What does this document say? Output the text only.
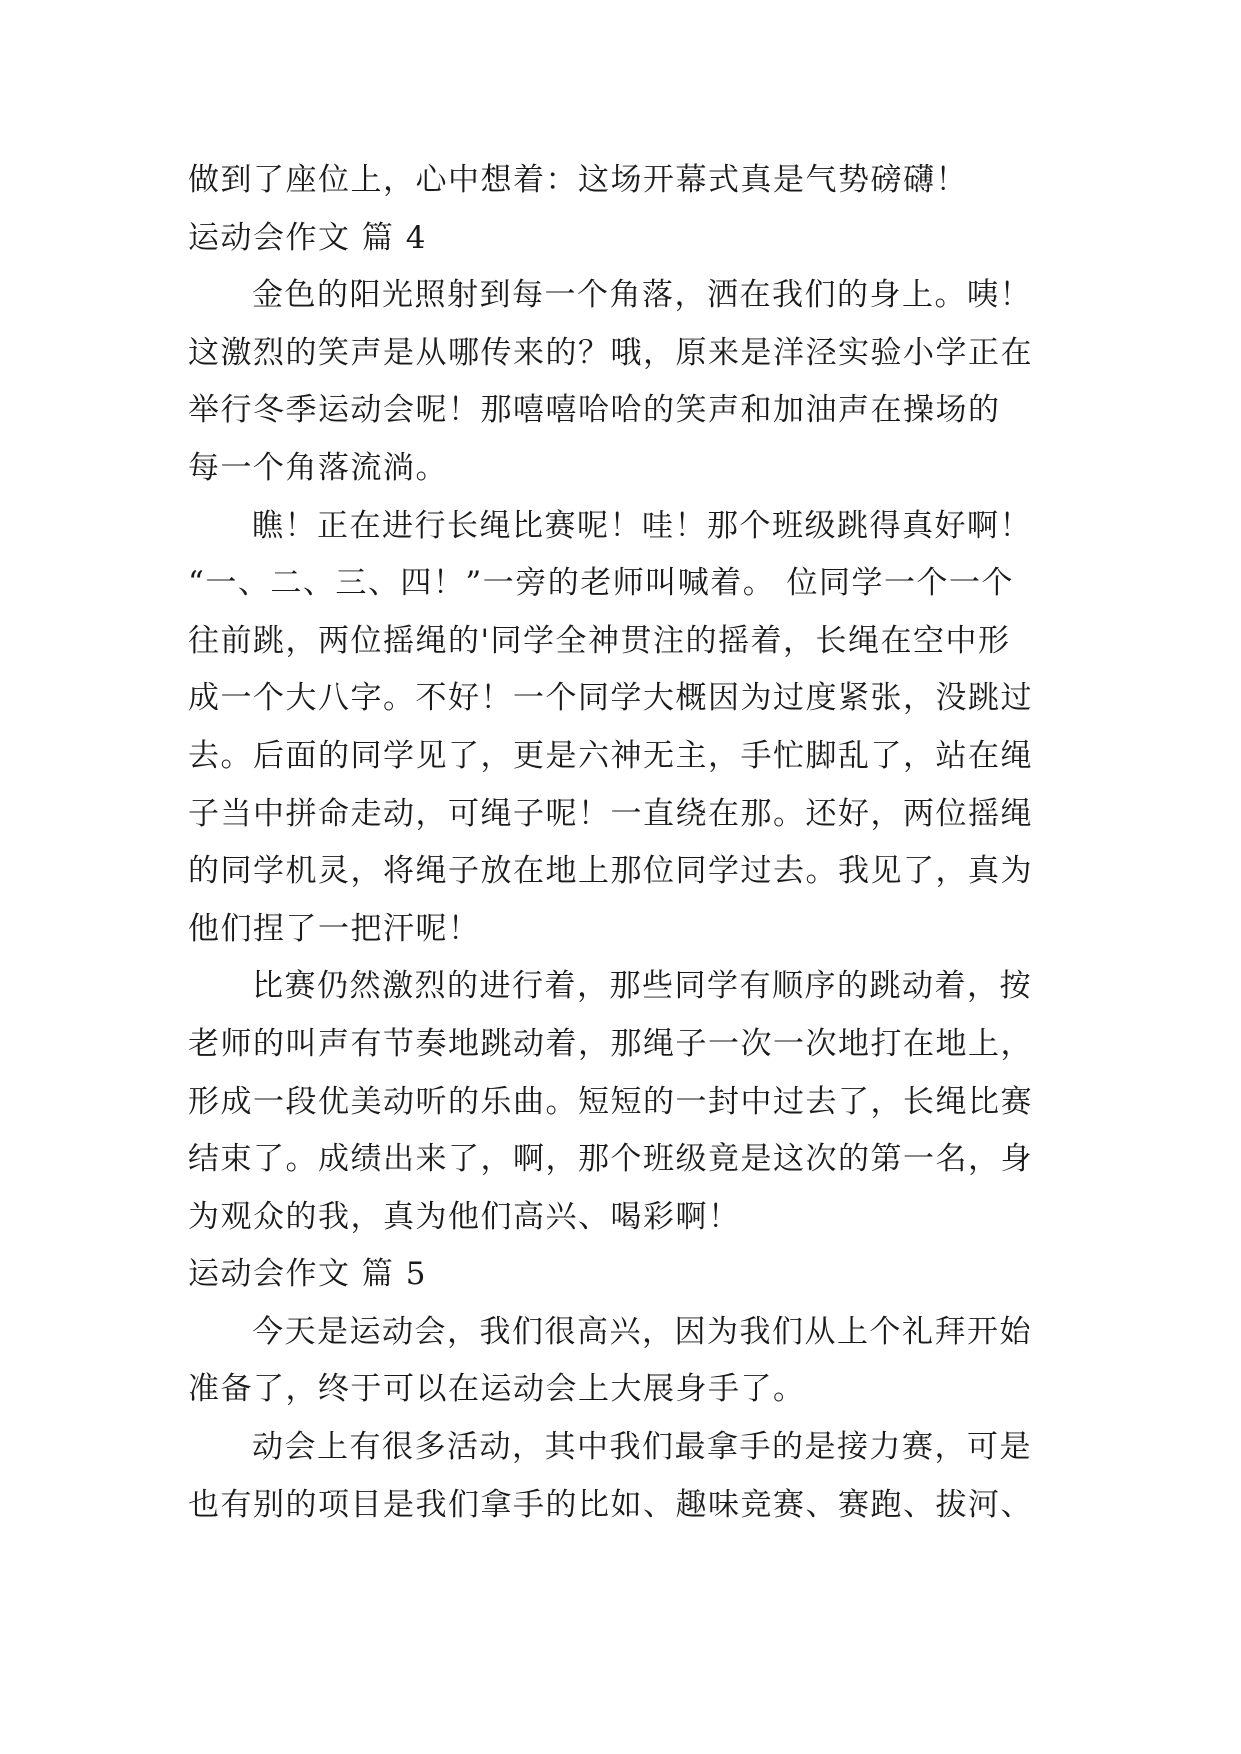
做到了座位上，心中想着：这场开幕式真是气势磅礴！
运动会作文 篇 4
金色的阳光照射到每一个角落，洒在我们的身上。咦！
这激烈的笑声是从哪传来的？哦，原来是洋泾实验小学正在
举行冬季运动会呢！那嘻嘻哈哈的笑声和加油声在操场的
每一个角落流淌。
瞧！正在进行长绳比赛呢！哇！那个班级跳得真好啊！
“一、二、三、四！”一旁的老师叫喊着。 位同学一个一个
往前跳，两位摇绳的'同学全神贯注的摇着，长绳在空中形
成一个大八字。不好！一个同学大概因为过度紧张，没跳过
去。后面的同学见了，更是六神无主，手忙脚乱了，站在绳
子当中拼命走动，可绳子呢！一直绕在那。还好，两位摇绳
的同学机灵，将绳子放在地上那位同学过去。我见了，真为
他们捏了一把汗呢！
比赛仍然激烈的进行着，那些同学有顺序的跳动着，按
老师的叫声有节奏地跳动着，那绳子一次一次地打在地上，
形成一段优美动听的乐曲。短短的一封中过去了，长绳比赛
结束了。成绩出来了，啊，那个班级竟是这次的第一名，身
为观众的我，真为他们高兴、喝彩啊！
运动会作文 篇 5
今天是运动会，我们很高兴，因为我们从上个礼拜开始
准备了，终于可以在运动会上大展身手了。
动会上有很多活动，其中我们最拿手的是接力赛，可是
也有别的项目是我们拿手的比如、趣味竞赛、赛跑、拔河、
